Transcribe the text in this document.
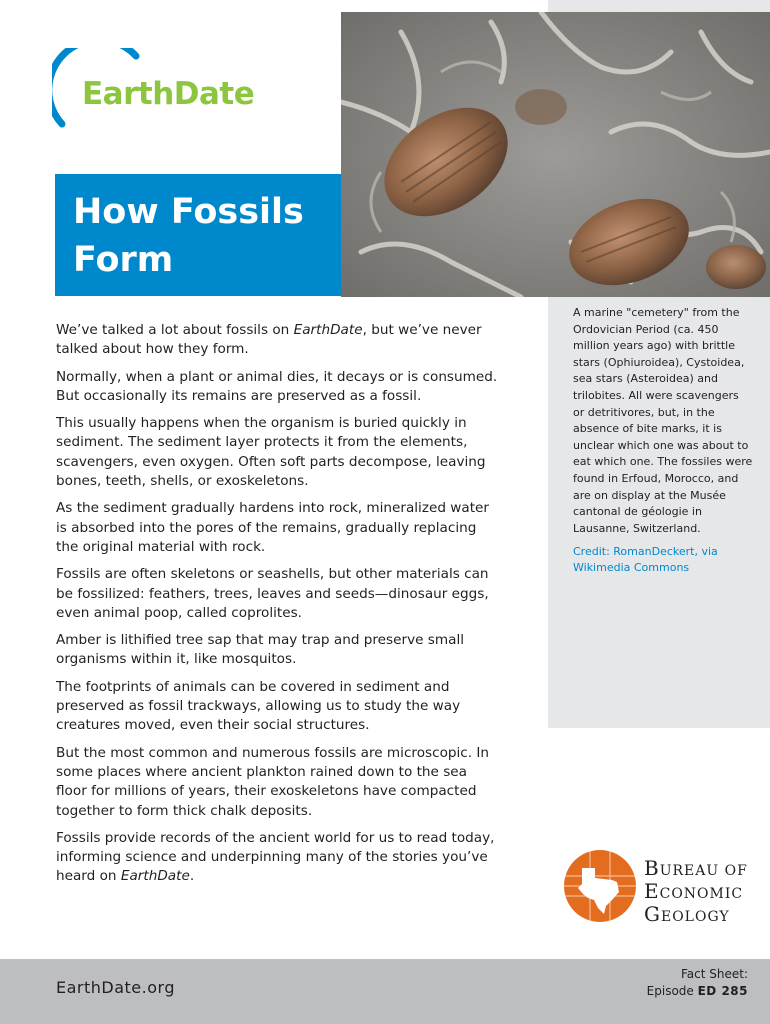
EarthDate
How Fossils Form

We’ve talked a lot about fossils on EarthDate, but we’ve never talked about how they form.

Normally, when a plant or animal dies, it decays or is consumed. But occasionally its remains are preserved as a fossil.

This usually happens when the organism is buried quickly in sediment. The sediment layer protects it from the elements, scavengers, even oxygen. Often soft parts decompose, leaving bones, teeth, shells, or exoskeletons.

As the sediment gradually hardens into rock, mineralized water is absorbed into the pores of the remains, gradually replacing the original material with rock.

Fossils are often skeletons or seashells, but other materials can be fossilized: feathers, trees, leaves and seeds—dinosaur eggs, even animal poop, called coprolites.

Amber is lithified tree sap that may trap and preserve small organisms within it, like mosquitos.

The footprints of animals can be covered in sediment and preserved as fossil trackways, allowing us to study the way creatures moved, even their social structures.

But the most common and numerous fossils are microscopic. In some places where ancient plankton rained down to the sea floor for millions of years, their exoskeletons have compacted together to form thick chalk deposits.

Fossils provide records of the ancient world for us to read today, informing science and underpinning many of the stories you’ve heard on EarthDate.

A marine "cemetery" from the Ordovician Period (ca. 450 million years ago) with brittle stars (Ophiuroidea), Cystoidea, sea stars (Asteroidea) and trilobites. All were scavengers or detritivores, but, in the absence of bite marks, it is unclear which one was about to eat which one. The fossiles were found in Erfoud, Morocco, and are on display at the Musée cantonal de géologie in Lausanne, Switzerland.
Credit: RomanDeckert, via Wikimedia Commons
BUREAU OF
ECONOMIC
GEOLOGY
EarthDate.org
Fact Sheet:
Episode ED 285
